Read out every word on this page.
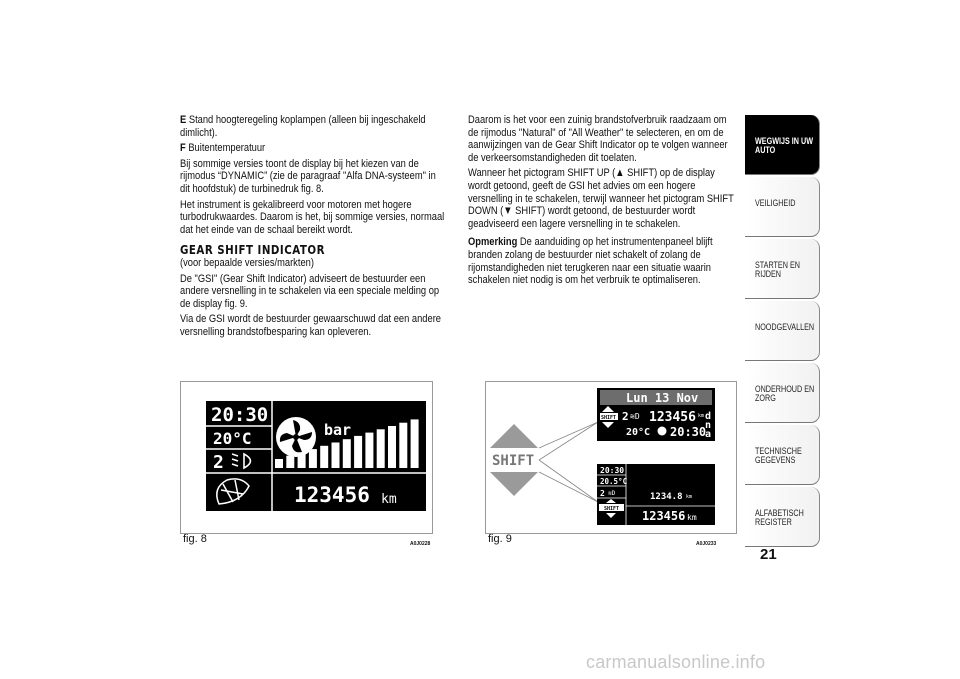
E Stand hoogteregeling koplampen (alleen bij ingeschakeld dimlicht).

F Buitentemperatuur

Bij sommige versies toont de display bij het kiezen van de rijmodus “DYNAMIC” (zie de paragraaf "Alfa DNA-systeem" in dit hoofdstuk) de turbinedruk fig. 8.

Het instrument is gekalibreerd voor motoren met hogere turbodrukwaardes. Daarom is het, bij sommige versies, normaal dat het einde van de schaal bereikt wordt.

GEAR SHIFT INDICATOR

(voor bepaalde versies/markten)

De "GSI" (Gear Shift Indicator) adviseert de bestuurder een andere versnelling in te schakelen via een speciale melding op de display fig. 9.

Via de GSI wordt de bestuurder gewaarschuwd dat een andere versnelling brandstofbesparing kan opleveren.

Daarom is het voor een zuinig brandstofverbruik raadzaam om de rijmodus "Natural" of "All Weather" te selecteren, en om de aanwijzingen van de Gear Shift Indicator op te volgen wanneer de verkeersomstandigheden dit toelaten.

Wanneer het pictogram SHIFT UP (▲ SHIFT) op de display wordt getoond, geeft de GSI het advies om een hogere versnelling in te schakelen, terwijl wanneer het pictogram SHIFT DOWN (▼ SHIFT) wordt getoond, de bestuurder wordt geadviseerd een lagere versnelling in te schakelen.

Opmerking De aanduiding op het instrumentenpaneel blijft branden zolang de bestuurder niet schakelt of zolang de rijomstandigheden niet terugkeren naar een situatie waarin schakelen niet nodig is om het verbruik te optimaliseren.

WEGWIJS IN UW AUTO
VEILIGHEID
STARTEN EN RIJDEN
NOODGEVALLEN
ONDERHOUD EN ZORG
TECHNISCHE GEGEVENS
ALFABETISCH REGISTER
21
20:30
20°C
2
bar
123456 km
fig. 8	A0J0228
SHIFT
Lun 13 Nov
SHIFT 2 ≋D 123456 km
20°C 20:30
d
n
a
20:30
20.5°C
2 ≋D
SHIFT
1234.8 km
123456 km
fig. 9	A0J0233
carmanualsonline.info
